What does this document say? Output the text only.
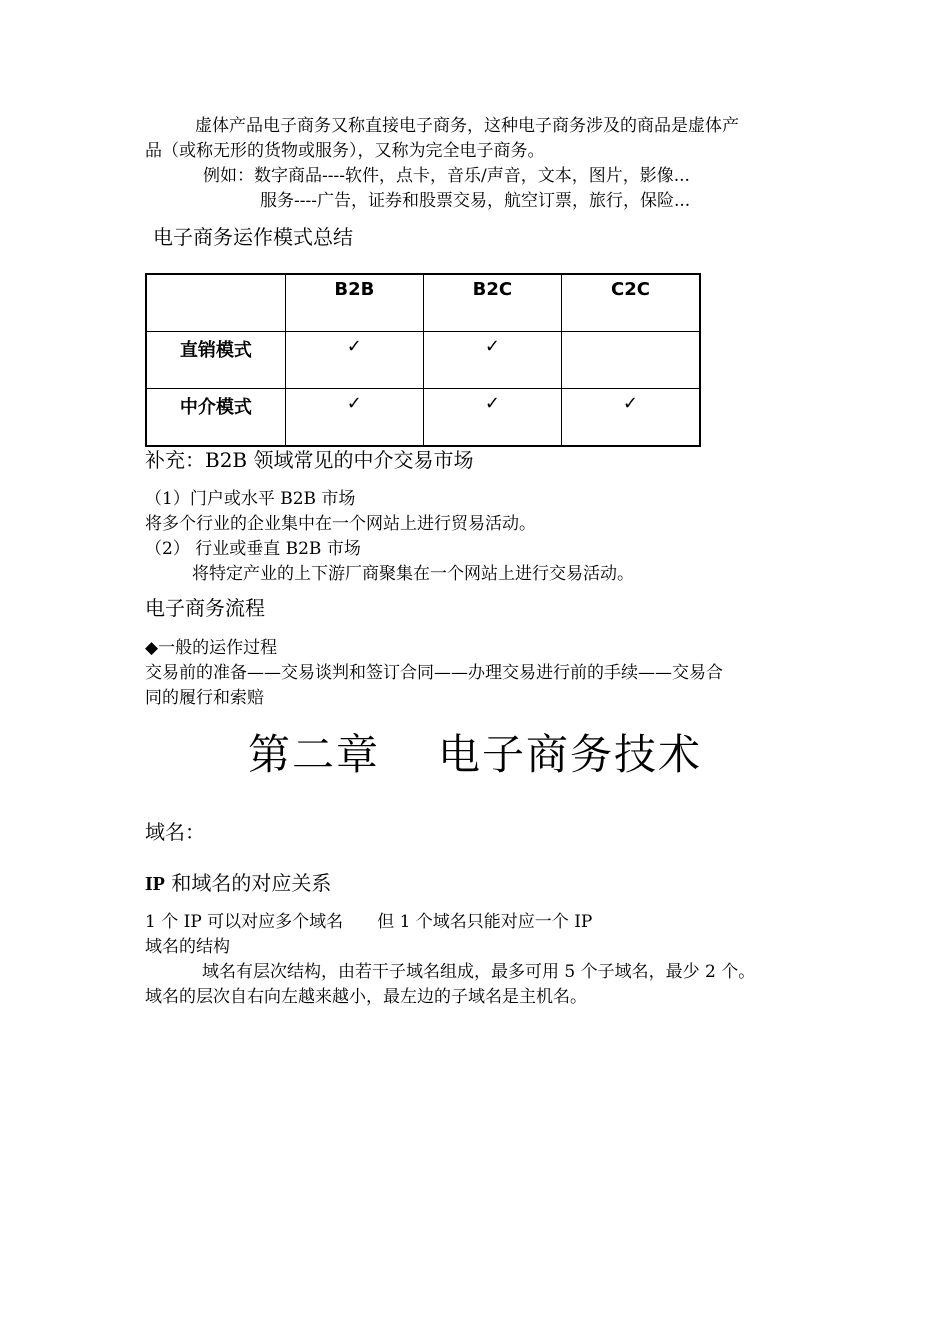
虚体产品电子商务又称直接电子商务，这种电子商务涉及的商品是虚体产
品（或称无形的货物或服务），又称为完全电子商务。
例如：数字商品----软件，点卡，音乐/声音，文本，图片，影像...
服务----广告，证券和股票交易，航空订票，旅行，保险...
电子商务运作模式总结
	B2B	B2C	C2C
直销模式	✓	✓	
中介模式	✓	✓	✓
补充：B2B 领域常见的中介交易市场
（1）门户或水平 B2B 市场
将多个行业的企业集中在一个网站上进行贸易活动。
（2） 行业或垂直 B2B 市场
将特定产业的上下游厂商聚集在一个网站上进行交易活动。
电子商务流程
◆一般的运作过程
交易前的准备——交易谈判和签订合同——办理交易进行前的手续——交易合
同的履行和索赔
第二章 电子商务技术
域名：
IP 和域名的对应关系
1 个 IP 可以对应多个域名　　但 1 个域名只能对应一个 IP
域名的结构
域名有层次结构，由若干子域名组成，最多可用 5 个子域名，最少 2 个。
域名的层次自右向左越来越小，最左边的子域名是主机名。
